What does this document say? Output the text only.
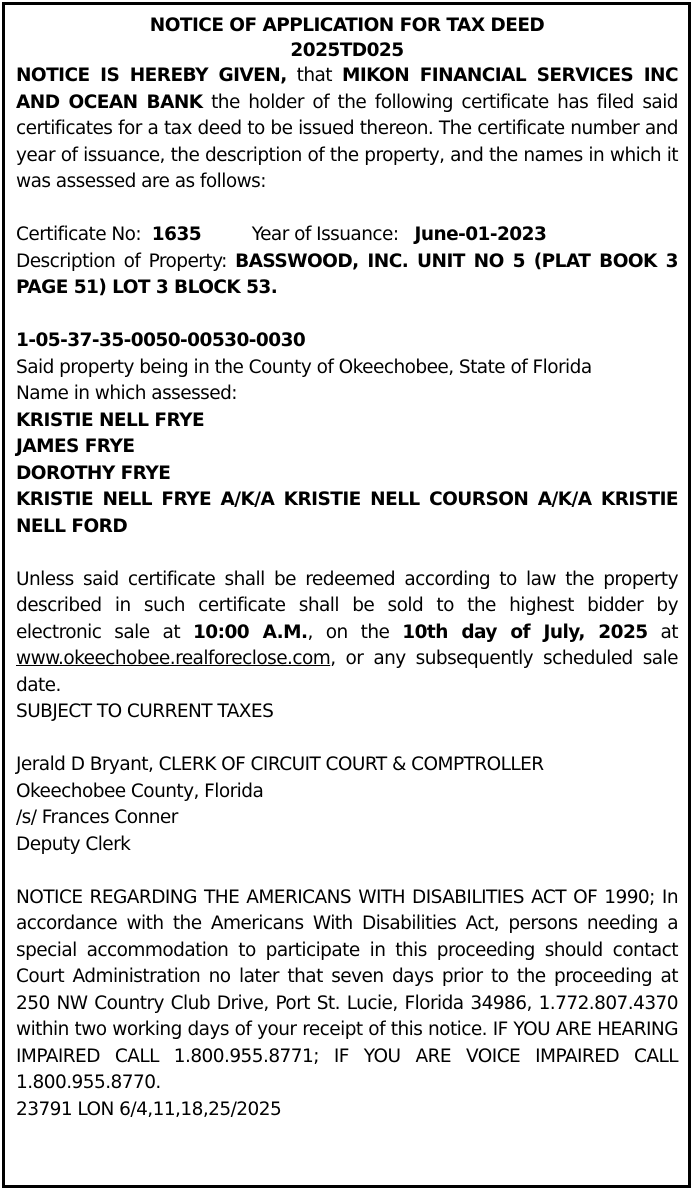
NOTICE OF APPLICATION FOR TAX DEED

2025TD025

NOTICE IS HEREBY GIVEN, that MIKON FINANCIAL SERVICES INC AND OCEAN BANK the holder of the following certificate has filed said certificates for a tax deed to be issued thereon. The certificate number and year of issuance, the description of the property, and the names in which it was assessed are as follows:

Certificate No: 1635	Year of Issuance: June-01-2023

Description of Property: BASSWOOD, INC. UNIT NO 5 (PLAT BOOK 3 PAGE 51) LOT 3 BLOCK 53.

1-05-37-35-0050-00530-0030

Said property being in the County of Okeechobee, State of Florida

Name in which assessed:

KRISTIE NELL FRYE

JAMES FRYE

DOROTHY FRYE

KRISTIE NELL FRYE A/K/A KRISTIE NELL COURSON A/K/A KRISTIE NELL FORD

Unless said certificate shall be redeemed according to law the property described in such certificate shall be sold to the highest bidder by electronic sale at 10:00 A.M., on the 10th day of July, 2025 at www.okeechobee.realforeclose.com, or any subsequently scheduled sale date.

SUBJECT TO CURRENT TAXES

Jerald D Bryant, CLERK OF CIRCUIT COURT & COMPTROLLER

Okeechobee County, Florida

/s/ Frances Conner

Deputy Clerk

NOTICE REGARDING THE AMERICANS WITH DISABILITIES ACT OF 1990; In accordance with the Americans With Disabilities Act, persons needing a special accommodation to participate in this proceeding should contact Court Administration no later that seven days prior to the proceeding at 250 NW Country Club Drive, Port St. Lucie, Florida 34986, 1.772.807.4370 within two working days of your receipt of this notice. IF YOU ARE HEARING IMPAIRED CALL 1.800.955.8771; IF YOU ARE VOICE IMPAIRED CALL 1.800.955.8770.

23791 LON 6/4,11,18,25/2025
